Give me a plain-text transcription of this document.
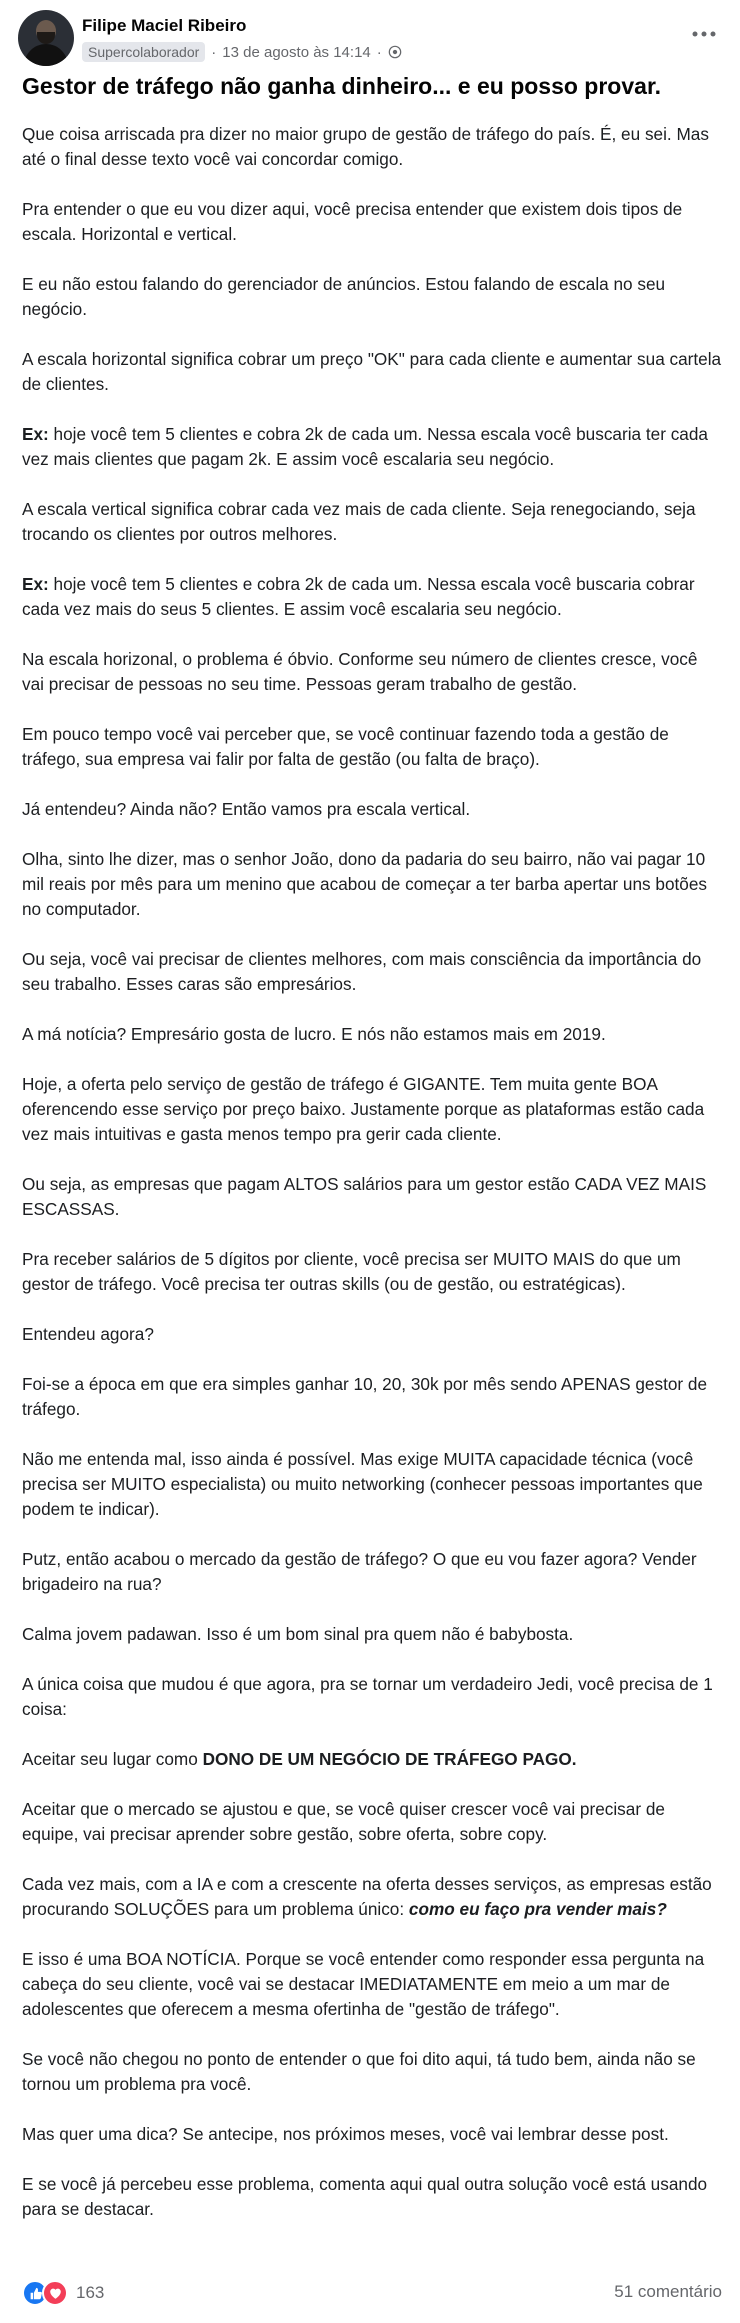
Filipe Maciel Ribeiro
Supercolaborador · 13 de agosto às 14:14 ·
Gestor de tráfego não ganha dinheiro... e eu posso provar.

Que coisa arriscada pra dizer no maior grupo de gestão de tráfego do país. É, eu sei. Mas até o final desse texto você vai concordar comigo.

Pra entender o que eu vou dizer aqui, você precisa entender que existem dois tipos de escala. Horizontal e vertical.

E eu não estou falando do gerenciador de anúncios. Estou falando de escala no seu negócio.

A escala horizontal significa cobrar um preço "OK" para cada cliente e aumentar sua cartela de clientes.

Ex: hoje você tem 5 clientes e cobra 2k de cada um. Nessa escala você buscaria ter cada vez mais clientes que pagam 2k. E assim você escalaria seu negócio.

A escala vertical significa cobrar cada vez mais de cada cliente. Seja renegociando, seja trocando os clientes por outros melhores.

Ex: hoje você tem 5 clientes e cobra 2k de cada um. Nessa escala você buscaria cobrar cada vez mais do seus 5 clientes. E assim você escalaria seu negócio.

Na escala horizonal, o problema é óbvio. Conforme seu número de clientes cresce, você vai precisar de pessoas no seu time. Pessoas geram trabalho de gestão.

Em pouco tempo você vai perceber que, se você continuar fazendo toda a gestão de tráfego, sua empresa vai falir por falta de gestão (ou falta de braço).

Já entendeu? Ainda não? Então vamos pra escala vertical.

Olha, sinto lhe dizer, mas o senhor João, dono da padaria do seu bairro, não vai pagar 10 mil reais por mês para um menino que acabou de começar a ter barba apertar uns botões no computador.

Ou seja, você vai precisar de clientes melhores, com mais consciência da importância do seu trabalho. Esses caras são empresários.

A má notícia? Empresário gosta de lucro. E nós não estamos mais em 2019.

Hoje, a oferta pelo serviço de gestão de tráfego é GIGANTE. Tem muita gente BOA oferencendo esse serviço por preço baixo. Justamente porque as plataformas estão cada vez mais intuitivas e gasta menos tempo pra gerir cada cliente.

Ou seja, as empresas que pagam ALTOS salários para um gestor estão CADA VEZ MAIS ESCASSAS.

Pra receber salários de 5 dígitos por cliente, você precisa ser MUITO MAIS do que um gestor de tráfego. Você precisa ter outras skills (ou de gestão, ou estratégicas).

Entendeu agora?

Foi-se a época em que era simples ganhar 10, 20, 30k por mês sendo APENAS gestor de tráfego.

Não me entenda mal, isso ainda é possível. Mas exige MUITA capacidade técnica (você precisa ser MUITO especialista) ou muito networking (conhecer pessoas importantes que podem te indicar).

Putz, então acabou o mercado da gestão de tráfego? O que eu vou fazer agora? Vender brigadeiro na rua?

Calma jovem padawan. Isso é um bom sinal pra quem não é babybosta.

A única coisa que mudou é que agora, pra se tornar um verdadeiro Jedi, você precisa de 1 coisa:

Aceitar seu lugar como DONO DE UM NEGÓCIO DE TRÁFEGO PAGO.

Aceitar que o mercado se ajustou e que, se você quiser crescer você vai precisar de equipe, vai precisar aprender sobre gestão, sobre oferta, sobre copy.

Cada vez mais, com a IA e com a crescente na oferta desses serviços, as empresas estão procurando SOLUÇÕES para um problema único: como eu faço pra vender mais?

E isso é uma BOA NOTÍCIA. Porque se você entender como responder essa pergunta na cabeça do seu cliente, você vai se destacar IMEDIATAMENTE em meio a um mar de adolescentes que oferecem a mesma ofertinha de "gestão de tráfego".

Se você não chegou no ponto de entender o que foi dito aqui, tá tudo bem, ainda não se tornou um problema pra você.

Mas quer uma dica? Se antecipe, nos próximos meses, você vai lembrar desse post.

E se você já percebeu esse problema, comenta aqui qual outra solução você está usando para se destacar.

163	51 comentário
